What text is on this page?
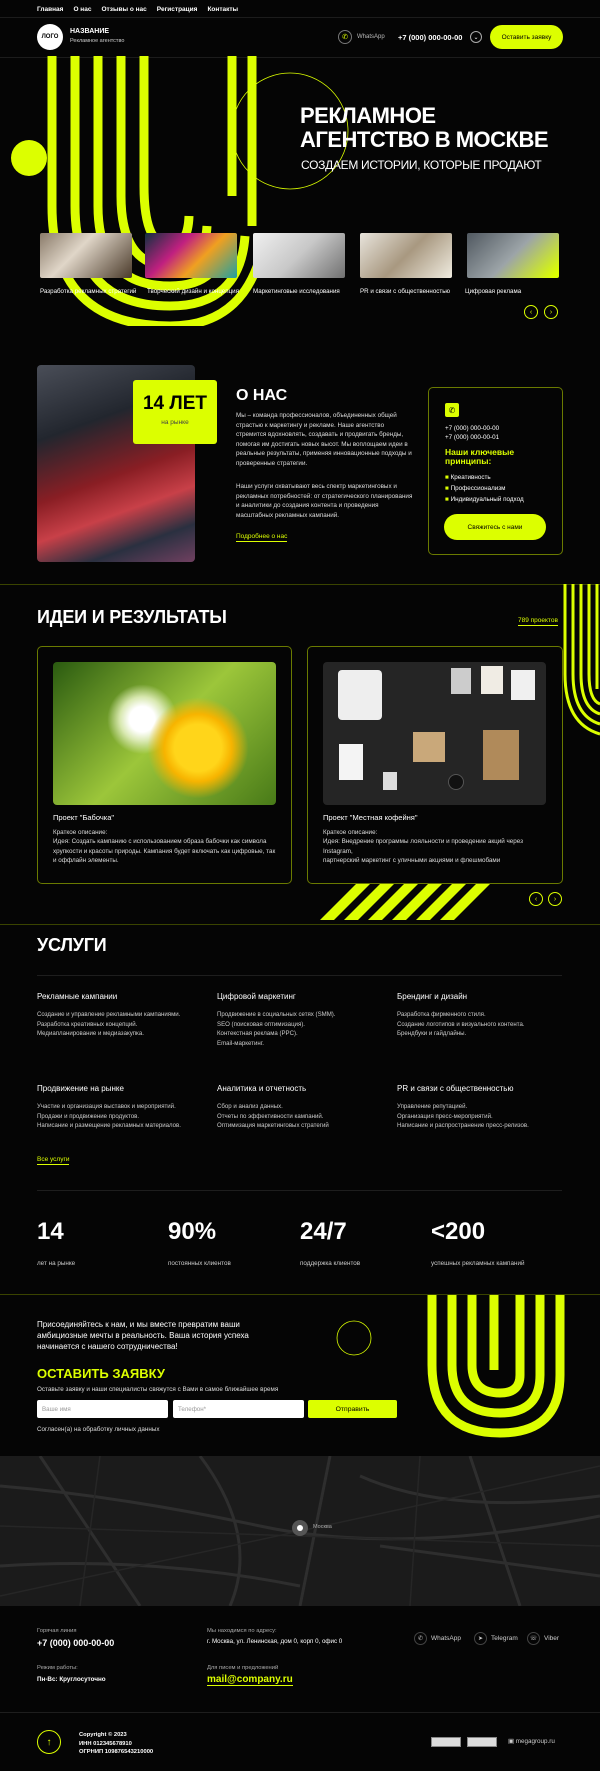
Главная О нас Отзывы о нас Регистрация Контакты
ЛОГО
НАЗВАНИЕ
Рекламное агентство	✆	WhatsApp +7 (000) 000-00-00	⌄	Оставить заявку
РЕКЛАМНОЕ
АГЕНТСТВО В МОСКВЕ
СОЗДАЕМ ИСТОРИИ, КОТОРЫЕ ПРОДАЮТ
Разработка рекламных стратегий Творческий дизайн и концепция Маркетинговые исследования	PR и связи с общественностью Цифровая реклама
‹	›
14 ЛЕТ
на рынке
О НАС
Мы – команда профессионалов, объединенных общей страстью к маркетингу и рекламе. Наше агентство стремится вдохновлять, создавать и продвигать бренды, помогая им достигать новых высот. Мы воплощаем идеи в реальные результаты, применяя инновационные подходы и проверенные стратегии.
Наши услуги охватывают весь спектр маркетинговых и рекламных потребностей: от стратегического планирования и аналитики до создания контента и проведения масштабных рекламных кампаний.
Подробнее о нас
✆
+7 (000) 000-00-00
+7 (000) 000-00-01
Наши ключевые принципы:
■ Креативность
■ Профессионализм
■ Индивидуальный подход
Свяжитесь с нами
ИДЕИ И РЕЗУЛЬТАТЫ	789 проектов
Проект "Бабочка"
Краткое описание:
Идея: Создать кампанию с использованием образа бабочки как символа хрупкости и красоты природы. Кампания будет включать как цифровые, так и оффлайн элементы.
Проект "Местная кофейня"
Краткое описание:
Идея: Внедрение программы лояльности и проведение акций через Instagram,
партнерский маркетинг с уличными акциями и флешмобами
‹	›
УСЛУГИ
Рекламные кампании
Создание и управление рекламными кампаниями.
Разработка креативных концепций.
Медиапланирование и медиазакупка.
Цифровой маркетинг
Продвижение в социальных сетях (SMM).
SEO (поисковая оптимизация).
Контекстная реклама (PPC).
Email-маркетинг.
Брендинг и дизайн
Разработка фирменного стиля.
Создание логотипов и визуального контента.
Брендбуки и гайдлайны.
Продвижение на рынке
Участие и организация выставок и мероприятий.
Продажи и продвижение продуктов.
Написание и размещение рекламных материалов.
Аналитика и отчетность
Сбор и анализ данных.
Отчеты по эффективности кампаний.
Оптимизация маркетинговых стратегий
PR и связи с общественностью
Управление репутацией.
Организация пресс-мероприятий.
Написание и распространение пресс-релизов.
Все услуги
14
лет на рынке
90%
постоянных клиентов
24/7
поддержка клиентов
<200
успешных рекламных кампаний
Присоединяйтесь к нам, и мы вместе превратим ваши амбициозные мечты в реальность. Ваша история успеха начинается с нашего сотрудничества!
ОСТАВИТЬ ЗАЯВКУ
Оставьте заявку и наши специалисты свяжутся с Вами в самое ближайшее время
Ваше имя	Телефон*	Отправить
Согласен(а) на обработку личных данных
Москва
Горячая линия
+7 (000) 000-00-00
Мы находимся по адресу:
г. Москва, ул. Ленинская, дом 0, корп 0, офис 0	✆	WhatsApp	➤	Telegram	☏	Viber
Режим работы:
Пн-Вс: Круглосуточно
Для писем и предложений
mail@company.ru
↑
Copyright © 2023
ИНН 012345678910
ОГРНИП 109876543210000
▣ megagroup.ru
